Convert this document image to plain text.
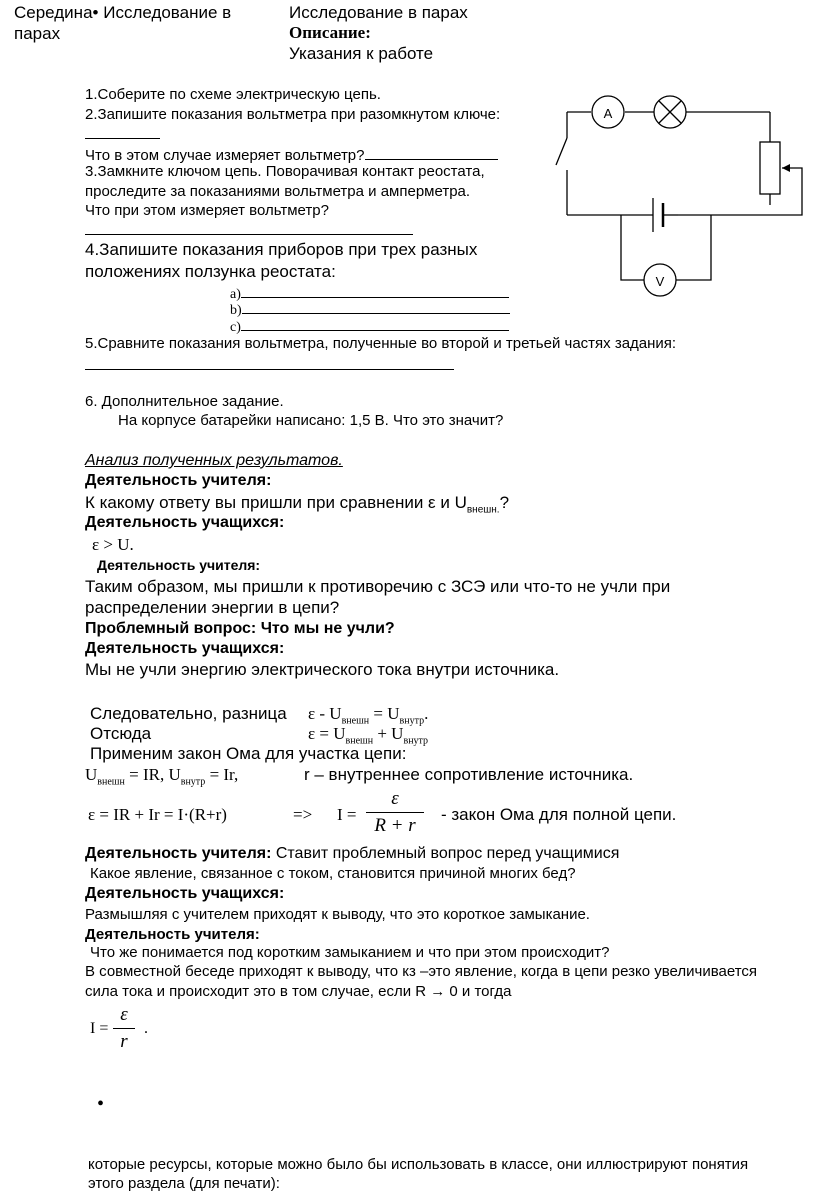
Середина• Исследование в
парах
Исследование в парах
Описание:
Указания к работе
1.Соберите по схеме электрическую цепь.
2.Запишите показания вольтметра при разомкнутом ключе:
Что в этом случае измеряет вольтметр?
3.Замкните ключом цепь. Поворачивая контакт реостата,
проследите за показаниями вольтметра и амперметра.
Что при этом измеряет вольтметр?
4.Запишите показания приборов при трех разных
положениях ползунка реостата:
a)
b)
c)
5.Сравните показания вольтметра, полученные во второй и третьей частях задания:
6. Дополнительное задание.
На корпусе батарейки написано: 1,5 В. Что это значит?
A
V
Анализ полученных результатов.
Деятельность учителя:
К какому ответу вы пришли при сравнении ε и $U_{внешн.}$?
Деятельность учащихся:
ε > U.
Деятельность учителя:
Таким образом, мы пришли к противоречию с ЗСЭ или что-то не учли при
распределении энергии в цепи?
Проблемный вопрос: Что мы не учли?
Деятельность учащихся:
Мы не учли энергию электрического тока внутри источника.
Следовательно, разница $\varepsilon - U_{внешн} = U_{внутр}$.
Отсюда	$\varepsilon = U_{внешн} + U_{внутр}$
Применим закон Ома для участка цепи:
$U_{внешн}$ = IR, $U_{внутр} = Ir$,	r – внутреннее сопротивление источника.
ε = IR + Ir = I·(R+r)	=> I =
ε
R + r
- закон Ома для полной цепи.
Деятельность учителя: Ставит проблемный вопрос перед учащимися
Какое явление, связанное с током, становится причиной многих бед?
Деятельность учащихся:
Размышляя с учителем приходят к выводу, что это короткое замыкание.
Деятельность учителя:
Что же понимается под коротким замыканием и что при этом происходит?
В совместной беседе приходят к выводу, что кз –это явление, когда в цепи резко увеличивается
сила тока и происходит это в том случае, если R → 0 и тогда
I =
ε
r
.
•
которые ресурсы, которые можно было бы использовать в классе, они иллюстрируют понятия
этого раздела (для печати):
